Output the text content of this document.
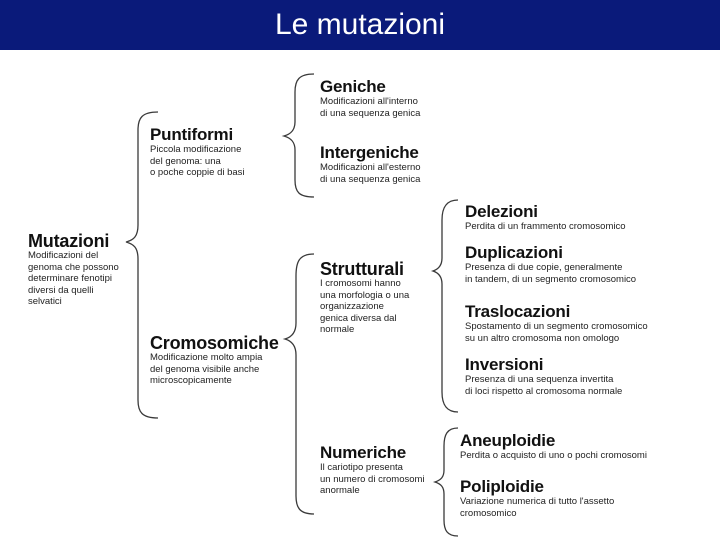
Le mutazioni
Mutazioni
Modificazioni del
genoma che possono
determinare fenotipi
diversi da quelli
selvatici
Puntiformi
Piccola modificazione
del genoma: una
o poche coppie di basi
Cromosomiche
Modificazione molto ampia
del genoma visibile anche
microscopicamente
Geniche
Modificazioni all'interno
di una sequenza genica
Intergeniche
Modificazioni all'esterno
di una sequenza genica
Strutturali
I cromosomi hanno
una morfologia o una
organizzazione
genica diversa dal
normale
Numeriche
Il cariotipo presenta
un numero di cromosomi
anormale
Delezioni
Perdita di un frammento cromosomico
Duplicazioni
Presenza di due copie, generalmente
in tandem, di un segmento cromosomico
Traslocazioni
Spostamento di un segmento cromosomico
su un altro cromosoma non omologo
Inversioni
Presenza di una sequenza invertita
di loci rispetto al cromosoma normale
Aneuploidie
Perdita o acquisto di uno o pochi cromosomi
Poliploidie
Variazione numerica di tutto l'assetto
cromosomico
